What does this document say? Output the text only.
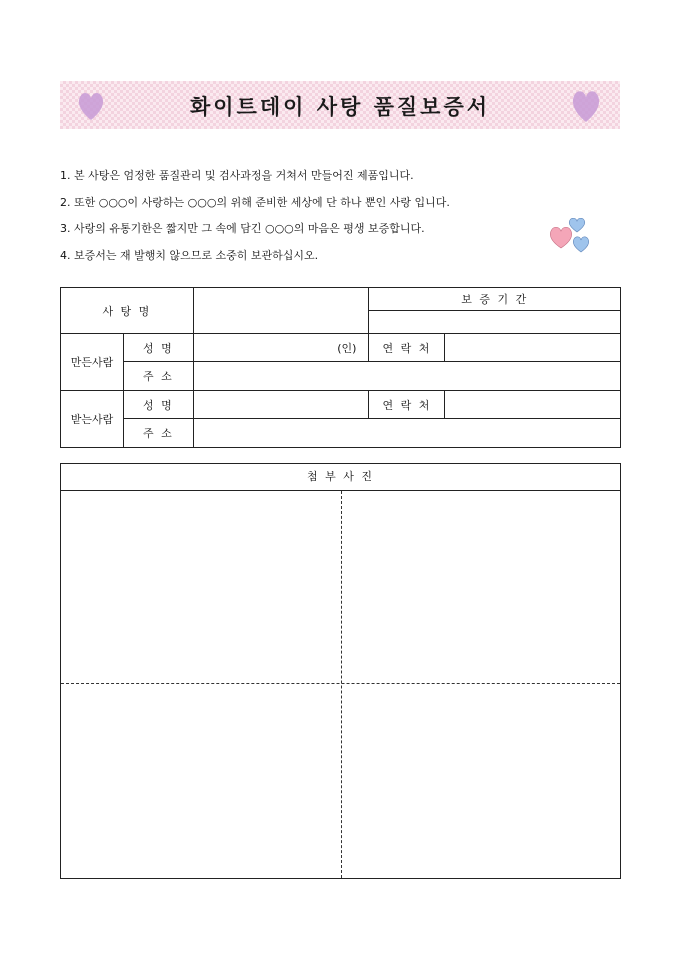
화이트데이 사탕 품질보증서
1. 본 사탕은 엄정한 품질관리 및 검사과정을 거쳐서 만들어진 제품입니다.
2. 또한 ○○○이 사랑하는 ○○○의 위해 준비한 세상에 단 하나 뿐인 사랑 입니다.
3. 사랑의 유통기한은 짧지만 그 속에 담긴 ○○○의 마음은 평생 보증합니다.
4. 보증서는 재 발행치 않으므로 소중히 보관하십시오.
사 탕 명			보 증 기 간	

만든사람	성 명	(인)	연 락 처	
	주 소			
받는사람	성 명		연 락 처	
	주 소			
첨 부 사 진
